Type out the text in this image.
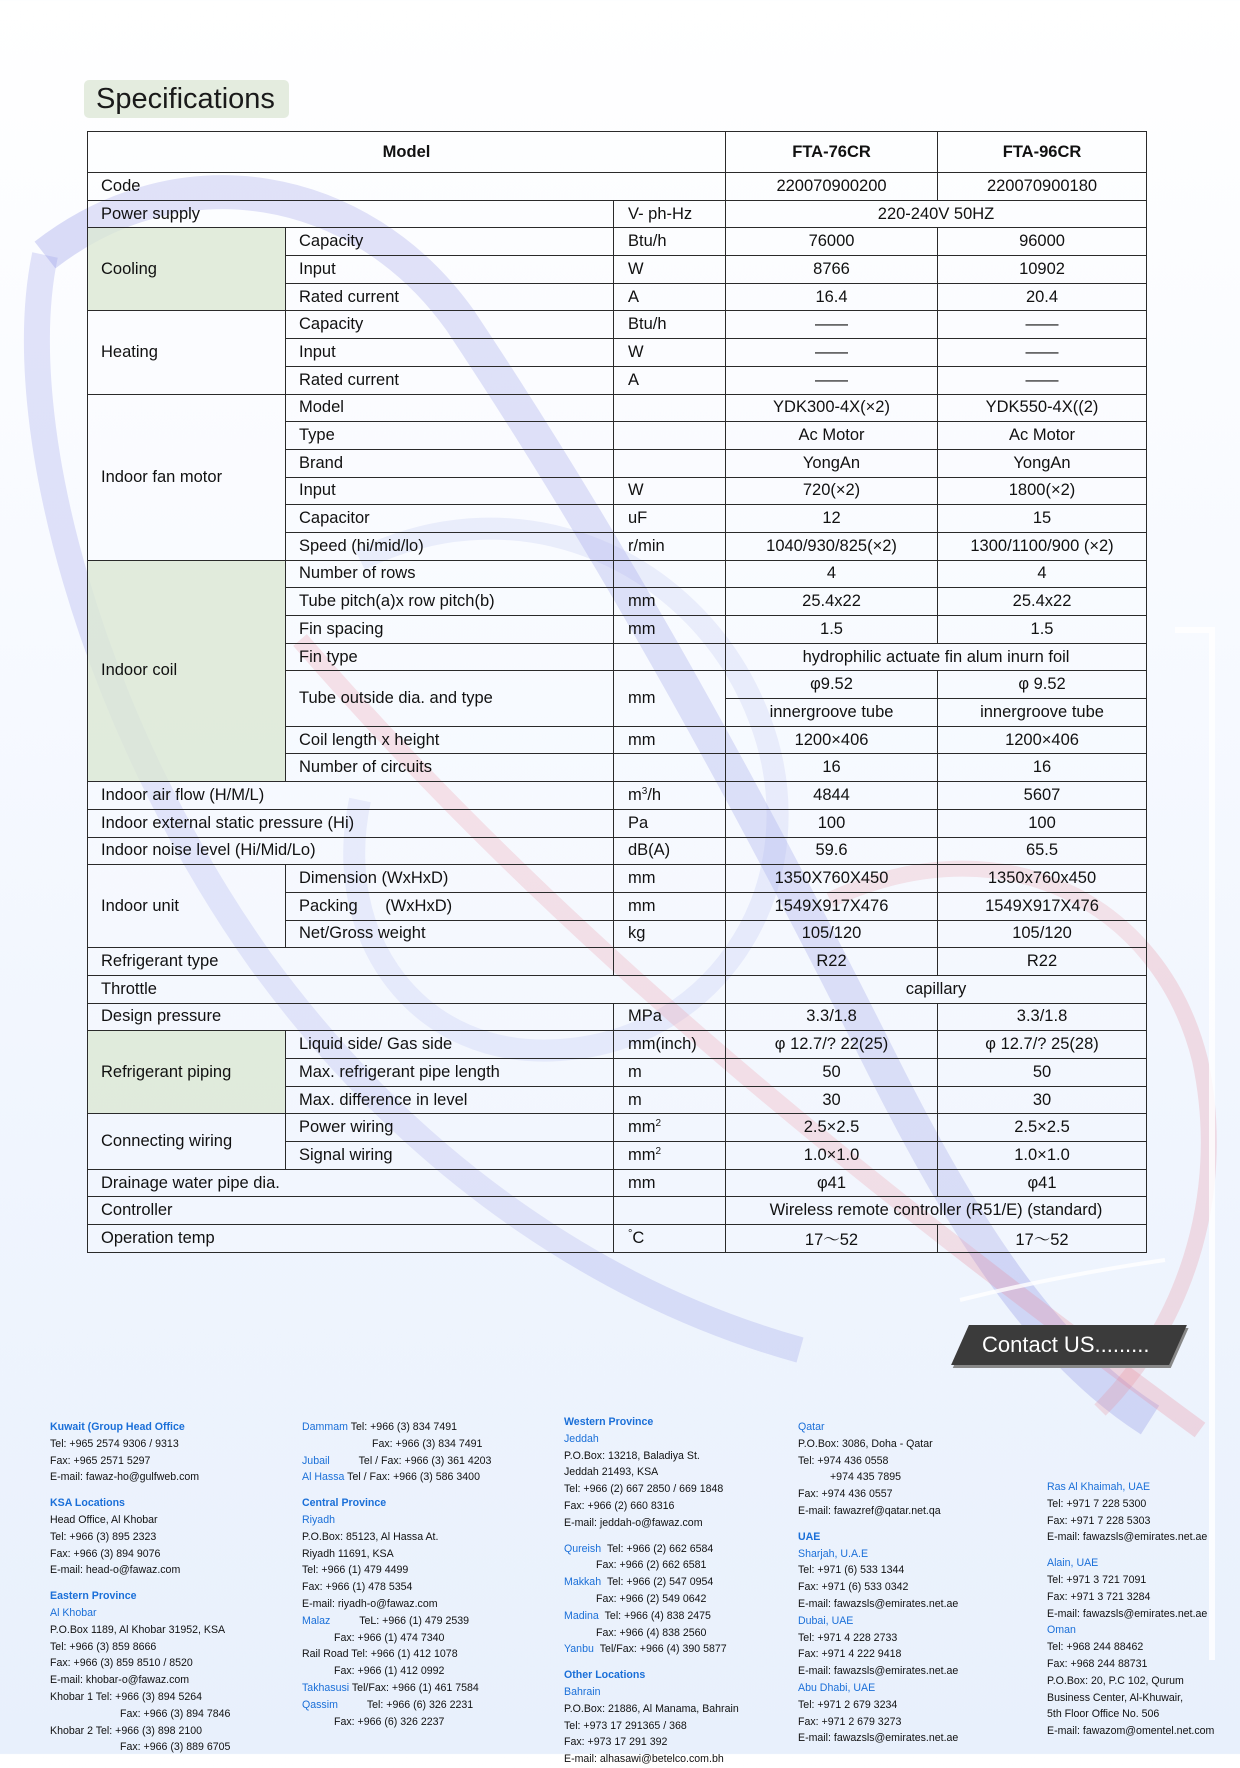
Specifications
Model			FTA-76CR	FTA-96CR
Code			220070900200	220070900180
Power supply		V- ph-Hz	220-240V 50HZ	
Cooling	Capacity	Btu/h	76000	96000
	Input	W	8766	10902
	Rated current	A	16.4	20.4
Heating	Capacity	Btu/h	——	——
	Input	W	——	——
	Rated current	A	——	——
Indoor fan motor	Model		YDK300-4X(×2)	YDK550-4X((2)
	Type		Ac Motor	Ac Motor
	Brand		YongAn	YongAn
	Input	W	720(×2)	1800(×2)
	Capacitor	uF	12	15
	Speed (hi/mid/lo)	r/min	1040/930/825(×2)	1300/1100/900 (×2)
Indoor coil	Number of rows		4	4
	Tube pitch(a)x row pitch(b)	mm	25.4x22	25.4x22
	Fin spacing	mm	1.5	1.5
	Fin type		hydrophilic actuate fin alum inurn foil	
	Tube outside dia. and type	mm	φ9.52	φ 9.52
			innergroove tube	innergroove tube
	Coil length x height	mm	1200×406	1200×406
	Number of circuits		16	16
Indoor air flow (H/M/L)		$m^3/h$	4844	5607
Indoor external static pressure (Hi)		Pa	100	100
Indoor noise level (Hi/Mid/Lo)		dB(A)	59.6	65.5
Indoor unit	Dimension (WxHxD)	mm	1350X760X450	1350x760x450
	Packing      (WxHxD)	mm	1549X917X476	1549X917X476
	Net/Gross weight	kg	105/120	105/120
Refrigerant type			R22	R22
Throttle			capillary	
Design pressure		MPa	3.3/1.8	3.3/1.8
Refrigerant piping	Liquid side/ Gas side	mm(inch)	φ 12.7/? 22(25)	φ 12.7/? 25(28)
	Max. refrigerant pipe length	m	50	50
	Max. difference in level	m	30	30
Connecting wiring	Power wiring	$mm^2$	2.5×2.5	2.5×2.5
	Signal wiring	$mm^2$	1.0×1.0	1.0×1.0
Drainage water pipe dia.		mm	φ41	φ41
Controller			Wireless remote controller (R51/E) (standard)	
Operation temp		°C	17～52	17～52
Contact US.........
Kuwait (Group Head Office
Tel: +965 2574 9306 / 9313
Fax: +965 2571 5297
E-mail: fawaz-ho@gulfweb.com
KSA Locations
Head Office, Al Khobar
Tel: +966 (3) 895 2323
Fax: +966 (3) 894 9076
E-mail: head-o@fawaz.com
Eastern Province
Al Khobar
P.O.Box 1189, Al Khobar 31952, KSA
Tel: +966 (3) 859 8666
Fax: +966 (3) 859 8510 / 8520
E-mail: khobar-o@fawaz.com
Khobar 1 Tel: +966 (3) 894 5264
Fax: +966 (3) 894 7846
Khobar 2 Tel: +966 (3) 898 2100
Fax: +966 (3) 889 6705
Dammam Tel: +966 (3) 834 7491
Fax: +966 (3) 834 7491
Jubail	Tel / Fax: +966 (3) 361 4203
Al Hassa Tel / Fax: +966 (3) 586 3400
Central Province
Riyadh
P.O.Box: 85123, Al Hassa At.
Riyadh 11691, KSA
Tel: +966 (1) 479 4499
Fax: +966 (1) 478 5354
E-mail: riyadh-o@fawaz.com
Malaz	TeL: +966 (1) 479 2539
Fax: +966 (1) 474 7340
Rail Road Tel: +966 (1) 412 1078
Fax: +966 (1) 412 0992
Takhasusi Tel/Fax: +966 (1) 461 7584
Qassim	Tel: +966 (6) 326 2231
Fax: +966 (6) 326 2237
Western Province
Jeddah
P.O.Box: 13218, Baladiya St.
Jeddah 21493, KSA
Tel: +966 (2) 667 2850 / 669 1848
Fax: +966 (2) 660 8316
E-mail: jeddah-o@fawaz.com
Qureish Tel: +966 (2) 662 6584
Fax: +966 (2) 662 6581
Makkah Tel: +966 (2) 547 0954
Fax: +966 (2) 549 0642
Madina Tel: +966 (4) 838 2475
Fax: +966 (4) 838 2560
Yanbu Tel/Fax: +966 (4) 390 5877
Other Locations
Bahrain
P.O.Box: 21886, Al Manama, Bahrain
Tel: +973 17 291365 / 368
Fax: +973 17 291 392
E-mail: alhasawi@betelco.com.bh
Qatar
P.O.Box: 3086, Doha - Qatar
Tel: +974 436 0558
+974 435 7895
Fax: +974 436 0557
E-mail: fawazref@qatar.net.qa
UAE
Sharjah, U.A.E
Tel: +971 (6) 533 1344
Fax: +971 (6) 533 0342
E-mail: fawazsls@emirates.net.ae
Dubai, UAE
Tel: +971 4 228 2733
Fax: +971 4 222 9418
E-mail: fawazsls@emirates.net.ae
Abu Dhabi, UAE
Tel: +971 2 679 3234
Fax: +971 2 679 3273
E-mail: fawazsls@emirates.net.ae
Ras Al Khaimah, UAE
Tel: +971 7 228 5300
Fax: +971 7 228 5303
E-mail: fawazsls@emirates.net.ae
Alain, UAE
Tel: +971 3 721 7091
Fax: +971 3 721 3284
E-mail: fawazsls@emirates.net.ae
Oman
Tel: +968 244 88462
Fax: +968 244 88731
P.O.Box: 20, P.C 102, Qurum
Business Center, Al-Khuwair,
5th Floor Office No. 506
E-mail: fawazom@omentel.net.com
